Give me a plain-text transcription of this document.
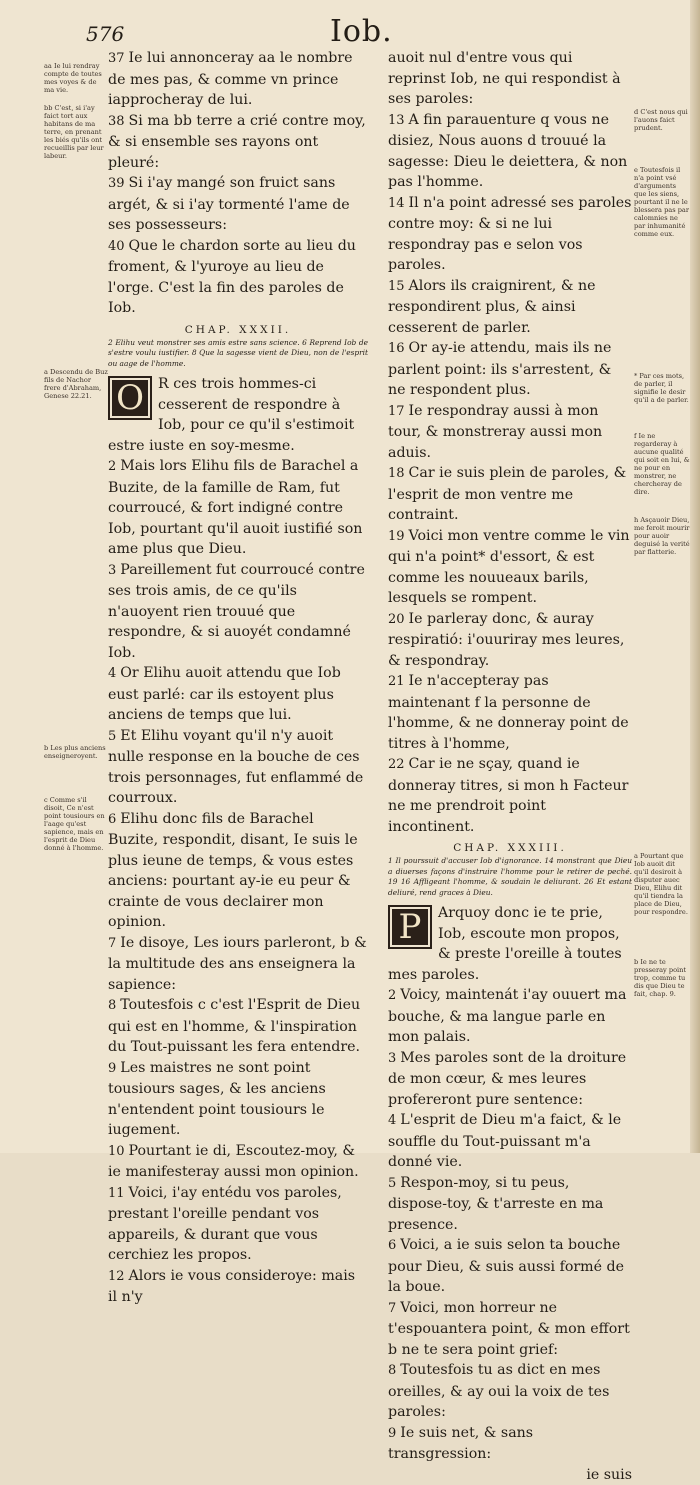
576	Iob.
aa Ie lui rendray compte de toutes mes voyes & de ma vie.
bb C'est, si i'ay faict tort aux habitans de ma terre, en prenant les biés qu'ils ont recueillis par leur labeur.
a Descendu de Buz fils de Nachor frere d'Abraham, Genese 22.21.
b Les plus anciens enseigneroyent.
c Comme s'il disoit, Ce n'est point tousiours en l'aage qu'est sapience, mais en l'esprit de Dieu donné à l'homme.
d C'est nous qui l'auons faict prudent.
e Toutesfois il n'a point vsé d'arguments que les siens, pourtant il ne le blessera pas par calomnies ne par inhumanité comme eux.
* Par ces mots, de parler, il signifie le desir qu'il a de parler.
f Ie ne regarderay à aucune qualité qui soit en lui, & ne pour en monstrer, ne chercheray de dire.
h Asçauoir Dieu, me feroit mourir pour auoir deguisé la verité par flatterie.
a Pourtant que Iob auoit dit qu'il desiroit à disputer auec Dieu, Elihu dit qu'il tiendra la place de Dieu, pour respondre.
b Ie ne te presseray point trop, comme tu dis que Dieu te fait, chap. 9.

37 Ie lui annonceray aa le nombre de mes pas, & comme vn prince iapprocheray de lui.

38 Si ma bb terre a crié contre moy, & si ensemble ses rayons ont pleuré:

39 Si i'ay mangé son fruict sans argét, & si i'ay tormenté l'ame de ses possesseurs:

40 Que le chardon sorte au lieu du froment, & l'yuroye au lieu de l'orge. C'est la fin des paroles de Iob.

CHAP. XXXII.

2 Elihu veut monstrer ses amis estre sans science. 6 Reprend Iob de s'estre voulu iustifier. 8 Que la sagesse vient de Dieu, non de l'esprit ou aage de l'homme.

O R ces trois hommes-ci cesserent de respondre à Iob, pour ce qu'il s'estimoit estre iuste en soy-mesme.

2 Mais lors Elihu fils de Barachel a Buzite, de la famille de Ram, fut courroucé, & fort indigné contre Iob, pourtant qu'il auoit iustifié son ame plus que Dieu.

3 Pareillement fut courroucé contre ses trois amis, de ce qu'ils n'auoyent rien trouué que respondre, & si auoyét condamné Iob.

4 Or Elihu auoit attendu que Iob eust parlé: car ils estoyent plus anciens de temps que lui.

5 Et Elihu voyant qu'il n'y auoit nulle response en la bouche de ces trois personnages, fut enflammé de courroux.

6 Elihu donc fils de Barachel Buzite, respondit, disant, Ie suis le plus ieune de temps, & vous estes anciens: pourtant ay-ie eu peur & crainte de vous declairer mon opinion.

7 Ie disoye, Les iours parleront, b & la multitude des ans enseignera la sapience:

8 Toutesfois c c'est l'Esprit de Dieu qui est en l'homme, & l'inspiration du Tout-puissant les fera entendre.

9 Les maistres ne sont point tousiours sages, & les anciens n'entendent point tousiours le iugement.

10 Pourtant ie di, Escoutez-moy, & ie manifesteray aussi mon opinion.

11 Voici, i'ay entédu vos paroles, prestant l'oreille pendant vos appareils, & durant que vous cerchiez les propos.

12 Alors ie vous consideroye: mais il n'y

auoit nul d'entre vous qui reprinst Iob, ne qui respondist à ses paroles:

13 A fin parauenture q vous ne disiez, Nous auons d trouué la sagesse: Dieu le deiettera, & non pas l'homme.

14 Il n'a point adressé ses paroles contre moy: & si ne lui respondray pas e selon vos paroles.

15 Alors ils craignirent, & ne respondirent plus, & ainsi cesserent de parler.

16 Or ay-ie attendu, mais ils ne parlent point: ils s'arrestent, & ne respondent plus.

17 Ie respondray aussi à mon tour, & monstreray aussi mon aduis.

18 Car ie suis plein de paroles, & l'esprit de mon ventre me contraint.

19 Voici mon ventre comme le vin qui n'a point* d'essort, & est comme les nouueaux barils, lesquels se rompent.

20 Ie parleray donc, & auray respiratió: i'ouuriray mes leures, & respondray.

21 Ie n'accepteray pas maintenant f la personne de l'homme, & ne donneray point de titres à l'homme,

22 Car ie ne sçay, quand ie donneray titres, si mon h Facteur ne me prendroit point incontinent.

CHAP. XXXIII.

1 Il pourssuit d'accuser Iob d'ignorance. 14 monstrant que Dieu a diuerses façons d'instruire l'homme pour le retirer de peché. 19 16 Affligeant l'homme, & soudain le deliurant. 26 Et estant deliuré, rend graces à Dieu.

P	Arquoy donc ie te prie, Iob, escoute mon propos, & preste l'oreille à toutes mes paroles.

2 Voicy, maintenát i'ay ouuert ma bouche, & ma langue parle en mon palais.

3 Mes paroles sont de la droiture de mon cœur, & mes leures profereront pure sentence:

4 L'esprit de Dieu m'a faict, & le souffle du Tout-puissant m'a donné vie.

5 Respon-moy, si tu peus, dispose-toy, & t'arreste en ma presence.

6 Voici, a ie suis selon ta bouche pour Dieu, & suis aussi formé de la boue.

7 Voici, mon horreur ne t'espouantera point, & mon effort b ne te sera point grief:

8 Toutesfois tu as dict en mes oreilles, & ay oui la voix de tes paroles:

9 Ie suis net, & sans transgression:

ie suis
